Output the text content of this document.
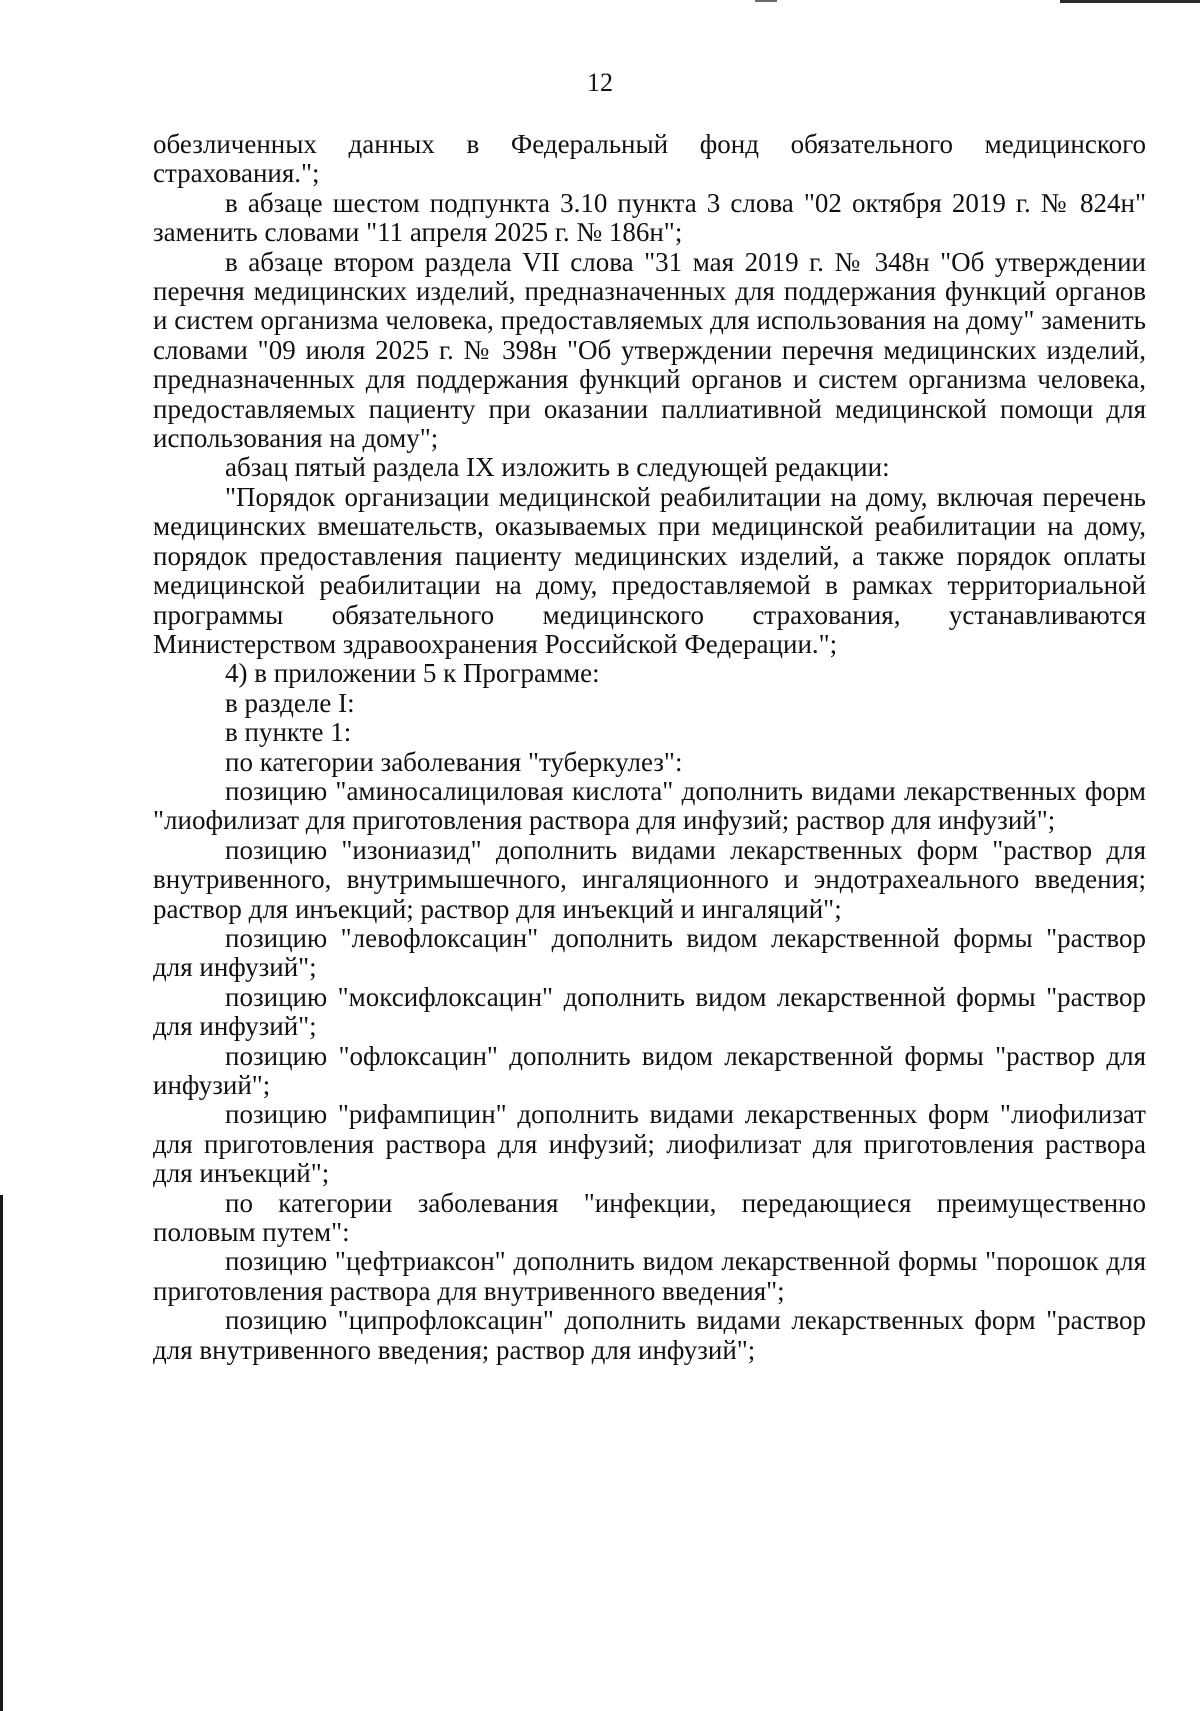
12

обезличенных данных в Федеральный фонд обязательного медицинского страхования.";

в абзаце шестом подпункта 3.10 пункта 3 слова "02 октября 2019 г. № 824н" заменить словами "11 апреля 2025 г. № 186н";

в абзаце втором раздела VII слова "31 мая 2019 г. № 348н "Об утверждении перечня медицинских изделий, предназначенных для поддержания функций органов и систем организма человека, предоставляемых для использования на дому" заменить словами "09 июля 2025 г. № 398н "Об утверждении перечня медицинских изделий, предназначенных для поддержания функций органов и систем организма человека, предоставляемых пациенту при оказании паллиативной медицинской помощи для использования на дому";

абзац пятый раздела IX изложить в следующей редакции:

"Порядок организации медицинской реабилитации на дому, включая перечень медицинских вмешательств, оказываемых при медицинской реабилитации на дому, порядок предоставления пациенту медицинских изделий, а также порядок оплаты медицинской реабилитации на дому, предоставляемой в рамках территориальной программы обязательного медицинского страхования, устанавливаются Министерством здравоохранения Российской Федерации.";

4) в приложении 5 к Программе:

в разделе I:

в пункте 1:

по категории заболевания "туберкулез":

позицию "аминосалициловая кислота" дополнить видами лекарственных форм "лиофилизат для приготовления раствора для инфузий; раствор для инфузий";

позицию "изониазид" дополнить видами лекарственных форм "раствор для внутривенного, внутримышечного, ингаляционного и эндотрахеального введения; раствор для инъекций; раствор для инъекций и ингаляций";

позицию "левофлоксацин" дополнить видом лекарственной формы "раствор для инфузий";

позицию "моксифлоксацин" дополнить видом лекарственной формы "раствор для инфузий";

позицию "офлоксацин" дополнить видом лекарственной формы "раствор для инфузий";

позицию "рифампицин" дополнить видами лекарственных форм "лиофилизат для приготовления раствора для инфузий; лиофилизат для приготовления раствора для инъекций";

по категории заболевания "инфекции, передающиеся преимущественно половым путем":

позицию "цефтриаксон" дополнить видом лекарственной формы "порошок для приготовления раствора для внутривенного введения";

позицию "ципрофлоксацин" дополнить видами лекарственных форм "раствор для внутривенного введения; раствор для инфузий";
